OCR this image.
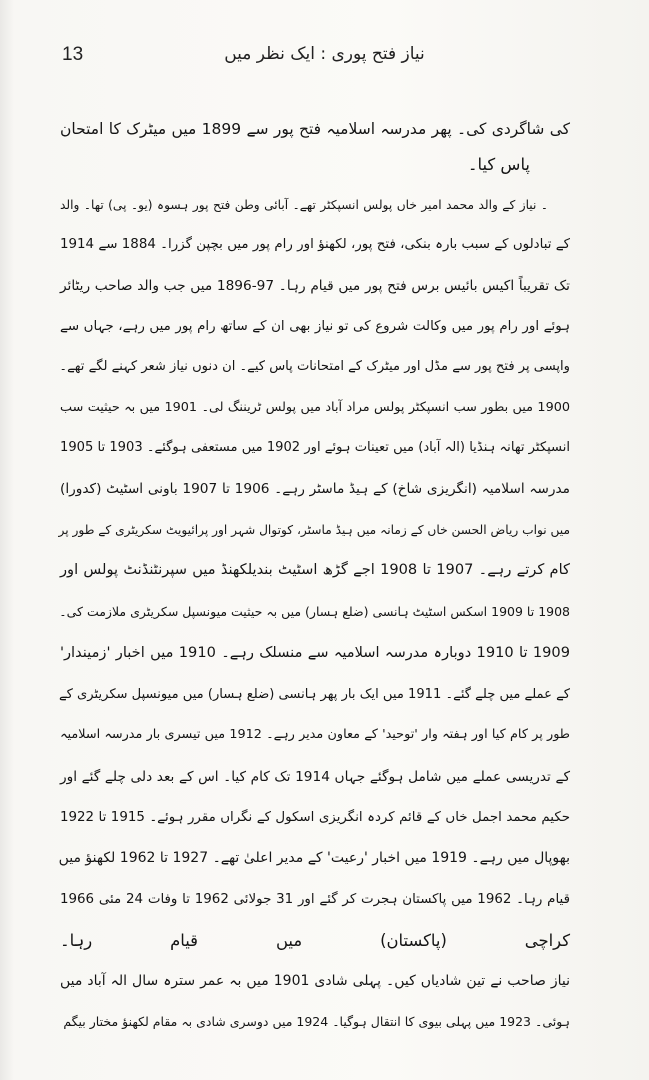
13	نیاز فتح پوری : ایک نظر میں
کی شاگردی کی۔ پھر مدرسہ اسلامیہ فتح پور سے 1899 میں میٹرک کا امتحان
پاس کیا۔
۔ نیاز کے والد محمد امیر خاں پولس انسپکٹر تھے۔ آبائی وطن فتح پور ہسوہ (یو۔ پی) تھا۔ والد
کے تبادلوں کے سبب بارہ بنکی، فتح پور، لکھنؤ اور رام پور میں بچپن گزرا۔ 1884 سے 1914
تک تقریباً اکیس بائیس برس فتح پور میں قیام رہا۔ 97-1896 میں جب والد صاحب ریٹائر
ہوئے اور رام پور میں وکالت شروع کی تو نیاز بھی ان کے ساتھ رام پور میں رہے، جہاں سے
واپسی پر فتح پور سے مڈل اور میٹرک کے امتحانات پاس کیے۔ ان دنوں نیاز شعر کہنے لگے تھے۔
1900 میں بطور سب انسپکٹر پولس مراد آباد میں پولس ٹریننگ لی۔ 1901 میں بہ حیثیت سب
انسپکٹر تھانہ ہنڈیا (الہ آباد) میں تعینات ہوئے اور 1902 میں مستعفی ہوگئے۔ 1903 تا 1905
مدرسہ اسلامیہ (انگریزی شاخ) کے ہیڈ ماسٹر رہے۔ 1906 تا 1907 باونی اسٹیٹ (کدورا)
میں نواب ریاض الحسن خاں کے زمانہ میں ہیڈ ماسٹر، کوتوال شہر اور پرائیویٹ سکریٹری کے طور پر
کام کرتے رہے۔ 1907 تا 1908 اجے گڑھ اسٹیٹ بندیلکھنڈ میں سپرنٹنڈنٹ پولس اور
1908 تا 1909 اسکس اسٹیٹ ہانسی (ضلع ہسار) میں بہ حیثیت میونسپل سکریٹری ملازمت کی۔
1909 تا 1910 دوبارہ مدرسہ اسلامیہ سے منسلک رہے۔ 1910 میں اخبار 'زمیندار'
کے عملے میں چلے گئے۔ 1911 میں ایک بار پھر ہانسی (ضلع ہسار) میں میونسپل سکریٹری کے
طور پر کام کیا اور ہفتہ وار 'توحید' کے معاون مدیر رہے۔ 1912 میں تیسری بار مدرسہ اسلامیہ
کے تدریسی عملے میں شامل ہوگئے جہاں 1914 تک کام کیا۔ اس کے بعد دلی چلے گئے اور
حکیم محمد اجمل خاں کے قائم کردہ انگریزی اسکول کے نگراں مقرر ہوئے۔ 1915 تا 1922
بھوپال میں رہے۔ 1919 میں اخبار 'رعیت' کے مدیر اعلیٰ تھے۔ 1927 تا 1962 لکھنؤ میں
قیام رہا۔ 1962 میں پاکستان ہجرت کر گئے اور 31 جولائی 1962 تا وفات 24 مئی 1966
کراچی (پاکستان) میں قیام رہا۔
نیاز صاحب نے تین شادیاں کیں۔ پہلی شادی 1901 میں بہ عمر سترہ سال الہ آباد میں
ہوئی۔ 1923 میں پہلی بیوی کا انتقال ہوگیا۔ 1924 میں دوسری شادی بہ مقام لکھنؤ مختار بیگم
